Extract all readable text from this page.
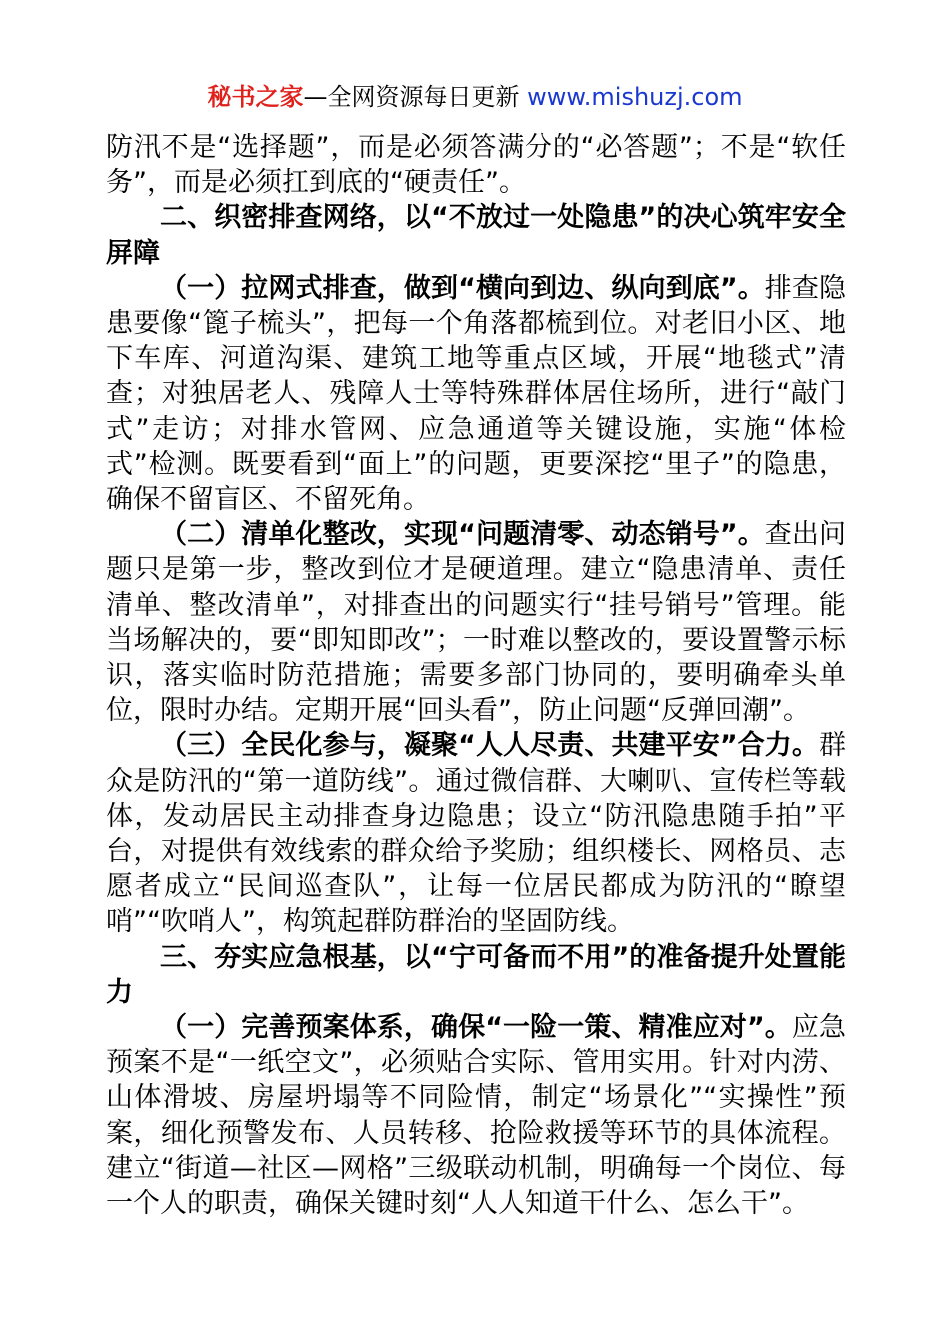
秘书之家—全网资源每日更新 www.mishuzj.com

防汛不是“选择题”，而是必须答满分的“必答题”；不是“软任务”，而是必须扛到底的“硬责任”。

二、织密排查网络，以“不放过一处隐患”的决心筑牢安全屏障

（一）拉网式排查，做到“横向到边、纵向到底”。排查隐患要像“篦子梳头”，把每一个角落都梳到位。对老旧小区、地下车库、河道沟渠、建筑工地等重点区域，开展“地毯式”清查；对独居老人、残障人士等特殊群体居住场所，进行“敲门式”走访；对排水管网、应急通道等关键设施，实施“体检式”检测。既要看到“面上”的问题，更要深挖“里子”的隐患，确保不留盲区、不留死角。

（二）清单化整改，实现“问题清零、动态销号”。查出问题只是第一步，整改到位才是硬道理。建立“隐患清单、责任清单、整改清单”，对排查出的问题实行“挂号销号”管理。能当场解决的，要“即知即改”；一时难以整改的，要设置警示标识，落实临时防范措施；需要多部门协同的，要明确牵头单位，限时办结。定期开展“回头看”，防止问题“反弹回潮”。

（三）全民化参与，凝聚“人人尽责、共建平安”合力。群众是防汛的“第一道防线”。通过微信群、大喇叭、宣传栏等载体，发动居民主动排查身边隐患；设立“防汛隐患随手拍”平台，对提供有效线索的群众给予奖励；组织楼长、网格员、志愿者成立“民间巡查队”，让每一位居民都成为防汛的“瞭望哨”“吹哨人”，构筑起群防群治的坚固防线。

三、夯实应急根基，以“宁可备而不用”的准备提升处置能力

（一）完善预案体系，确保“一险一策、精准应对”。应急预案不是“一纸空文”，必须贴合实际、管用实用。针对内涝、山体滑坡、房屋坍塌等不同险情，制定“场景化”“实操性”预案，细化预警发布、人员转移、抢险救援等环节的具体流程。建立“街道—社区—网格”三级联动机制，明确每一个岗位、每一个人的职责，确保关键时刻“人人知道干什么、怎么干”。
